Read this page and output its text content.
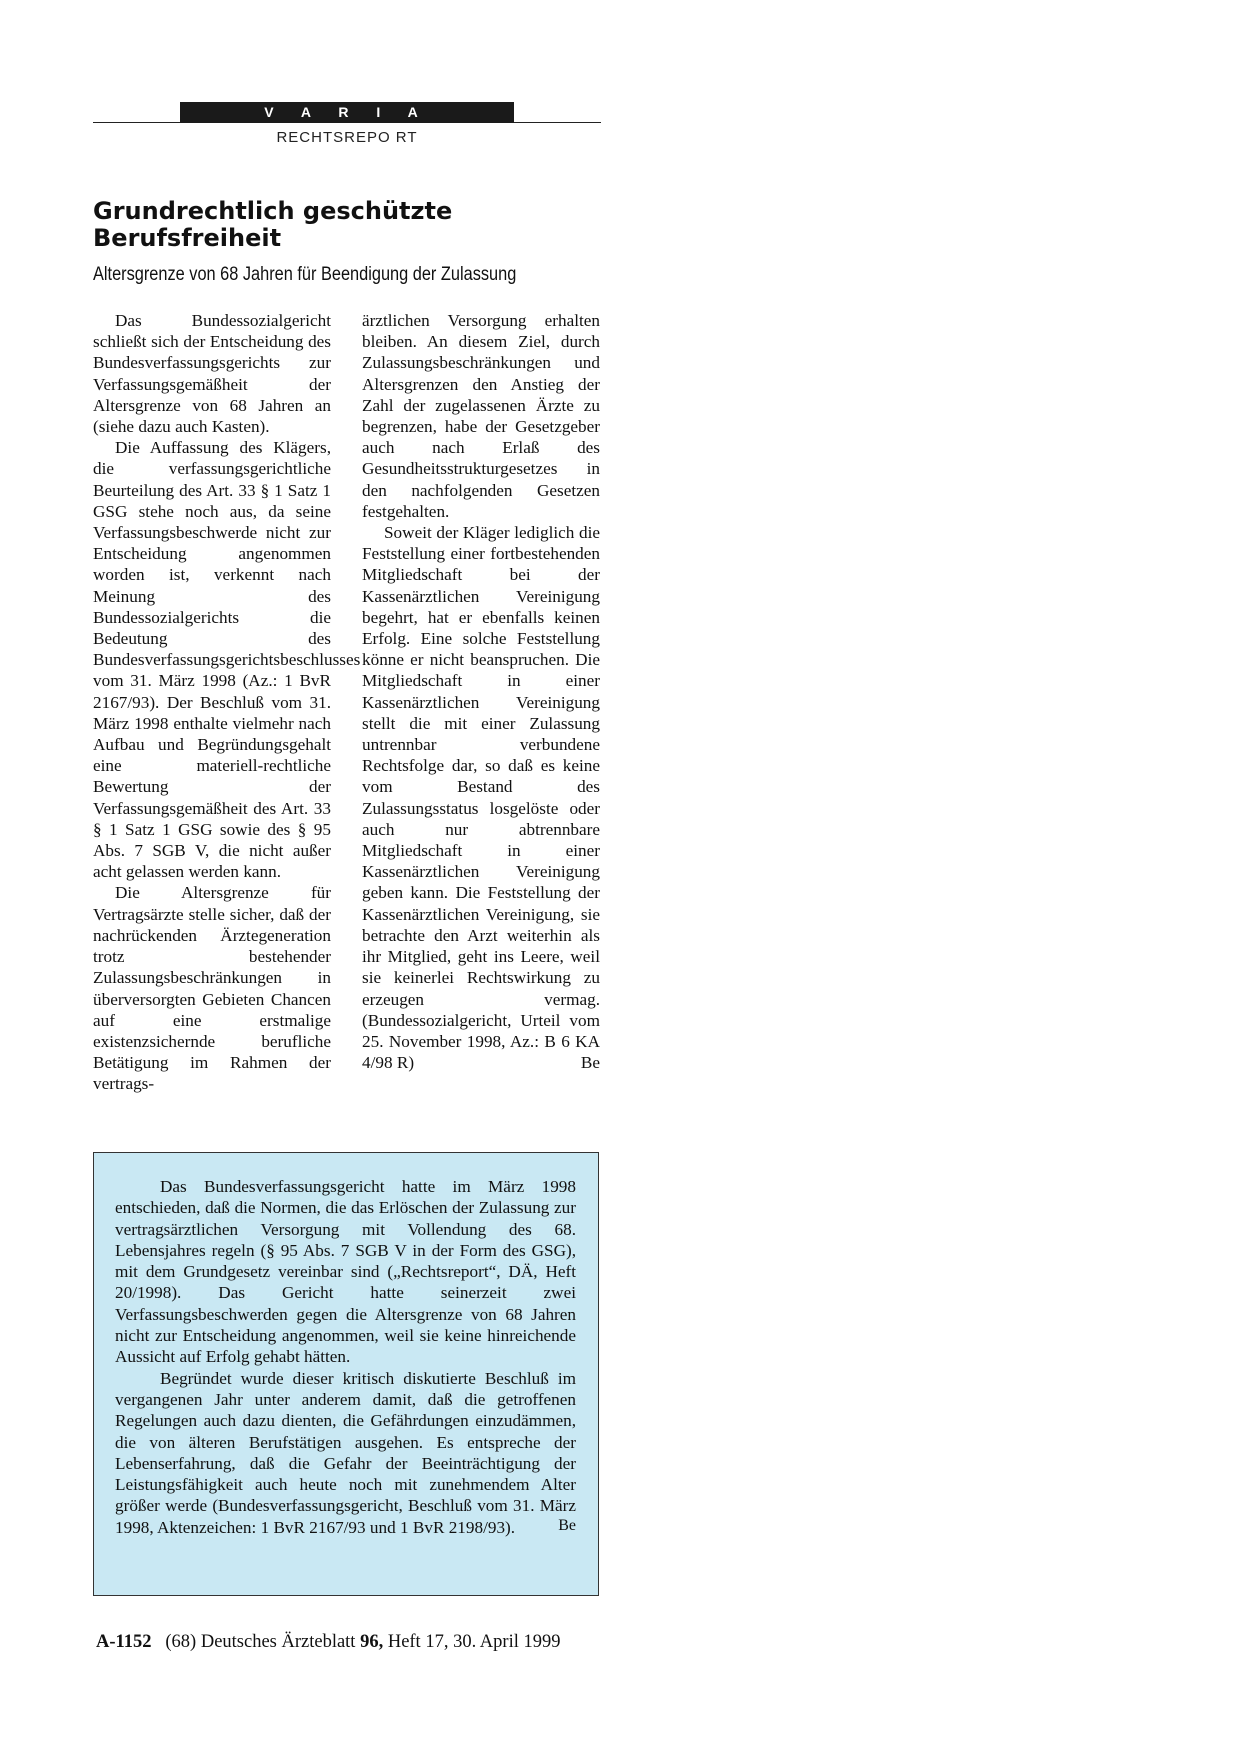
V A R I A
RECHTSREPO RT
Grundrechtlich geschützte Berufsfreiheit
Altersgrenze von 68 Jahren für Beendigung der Zulassung

Das Bundessozialgericht schließt sich der Entscheidung des Bundesverfassungsgerichts zur Verfassungsgemäßheit der Altersgrenze von 68 Jahren an (siehe dazu auch Kasten).

Die Auffassung des Klägers, die verfassungsgerichtliche Beurteilung des Art. 33 § 1 Satz 1 GSG stehe noch aus, da seine Verfassungsbeschwerde nicht zur Entscheidung angenommen worden ist, verkennt nach Meinung des Bundessozialgerichts die Bedeutung des Bundesverfassungsgerichtsbeschlusses vom 31. März 1998 (Az.: 1 BvR 2167/93). Der Beschluß vom 31. März 1998 enthalte vielmehr nach Aufbau und Begründungsgehalt eine materiell-rechtliche Bewertung der Verfassungsgemäßheit des Art. 33 § 1 Satz 1 GSG sowie des § 95 Abs. 7 SGB V, die nicht außer acht gelassen werden kann.

Die Altersgrenze für Vertragsärzte stelle sicher, daß der nachrückenden Ärztegeneration trotz bestehender Zulassungsbeschränkungen in überversorgten Gebieten Chancen auf eine erstmalige existenzsichernde berufliche Betätigung im Rahmen der vertrags-

ärztlichen Versorgung erhalten bleiben. An diesem Ziel, durch Zulassungsbeschränkungen und Altersgrenzen den Anstieg der Zahl der zugelassenen Ärzte zu begrenzen, habe der Gesetzgeber auch nach Erlaß des Gesundheitsstrukturgesetzes in den nachfolgenden Gesetzen festgehalten.

Soweit der Kläger lediglich die Feststellung einer fortbestehenden Mitgliedschaft bei der Kassenärztlichen Vereinigung begehrt, hat er ebenfalls keinen Erfolg. Eine solche Feststellung könne er nicht beanspruchen. Die Mitgliedschaft in einer Kassenärztlichen Vereinigung stellt die mit einer Zulassung untrennbar verbundene Rechtsfolge dar, so daß es keine vom Bestand des Zulassungsstatus losgelöste oder auch nur abtrennbare Mitgliedschaft in einer Kassenärztlichen Vereinigung geben kann. Die Feststellung der Kassenärztlichen Vereinigung, sie betrachte den Arzt weiterhin als ihr Mitglied, geht ins Leere, weil sie keinerlei Rechtswirkung zu erzeugen vermag. (Bundessozialgericht, Urteil vom 25. November 1998, Az.: B 6 KA 4/98 R)	Be

Das Bundesverfassungsgericht hatte im März 1998 entschieden, daß die Normen, die das Erlöschen der Zulassung zur vertragsärztlichen Versorgung mit Vollendung des 68. Lebensjahres regeln (§ 95 Abs. 7 SGB V in der Form des GSG), mit dem Grundgesetz vereinbar sind („Rechtsreport“, DÄ, Heft 20/1998). Das Gericht hatte seinerzeit zwei Verfassungsbeschwerden gegen die Altersgrenze von 68 Jahren nicht zur Entscheidung angenommen, weil sie keine hinreichende Aussicht auf Erfolg gehabt hätten.

Begründet wurde dieser kritisch diskutierte Beschluß im vergangenen Jahr unter anderem damit, daß die getroffenen Regelungen auch dazu dienten, die Gefährdungen einzudämmen, die von älteren Berufstätigen ausgehen. Es entspreche der Lebenserfahrung, daß die Gefahr der Beeinträchtigung der Leistungsfähigkeit auch heute noch mit zunehmendem Alter größer werde (Bundesverfassungsgericht, Beschluß vom 31. März 1998, Aktenzeichen: 1 BvR 2167/93 und 1 BvR 2198/93).	Be
A-1152 (68) Deutsches Ärzteblatt 96, Heft 17, 30. April 1999
